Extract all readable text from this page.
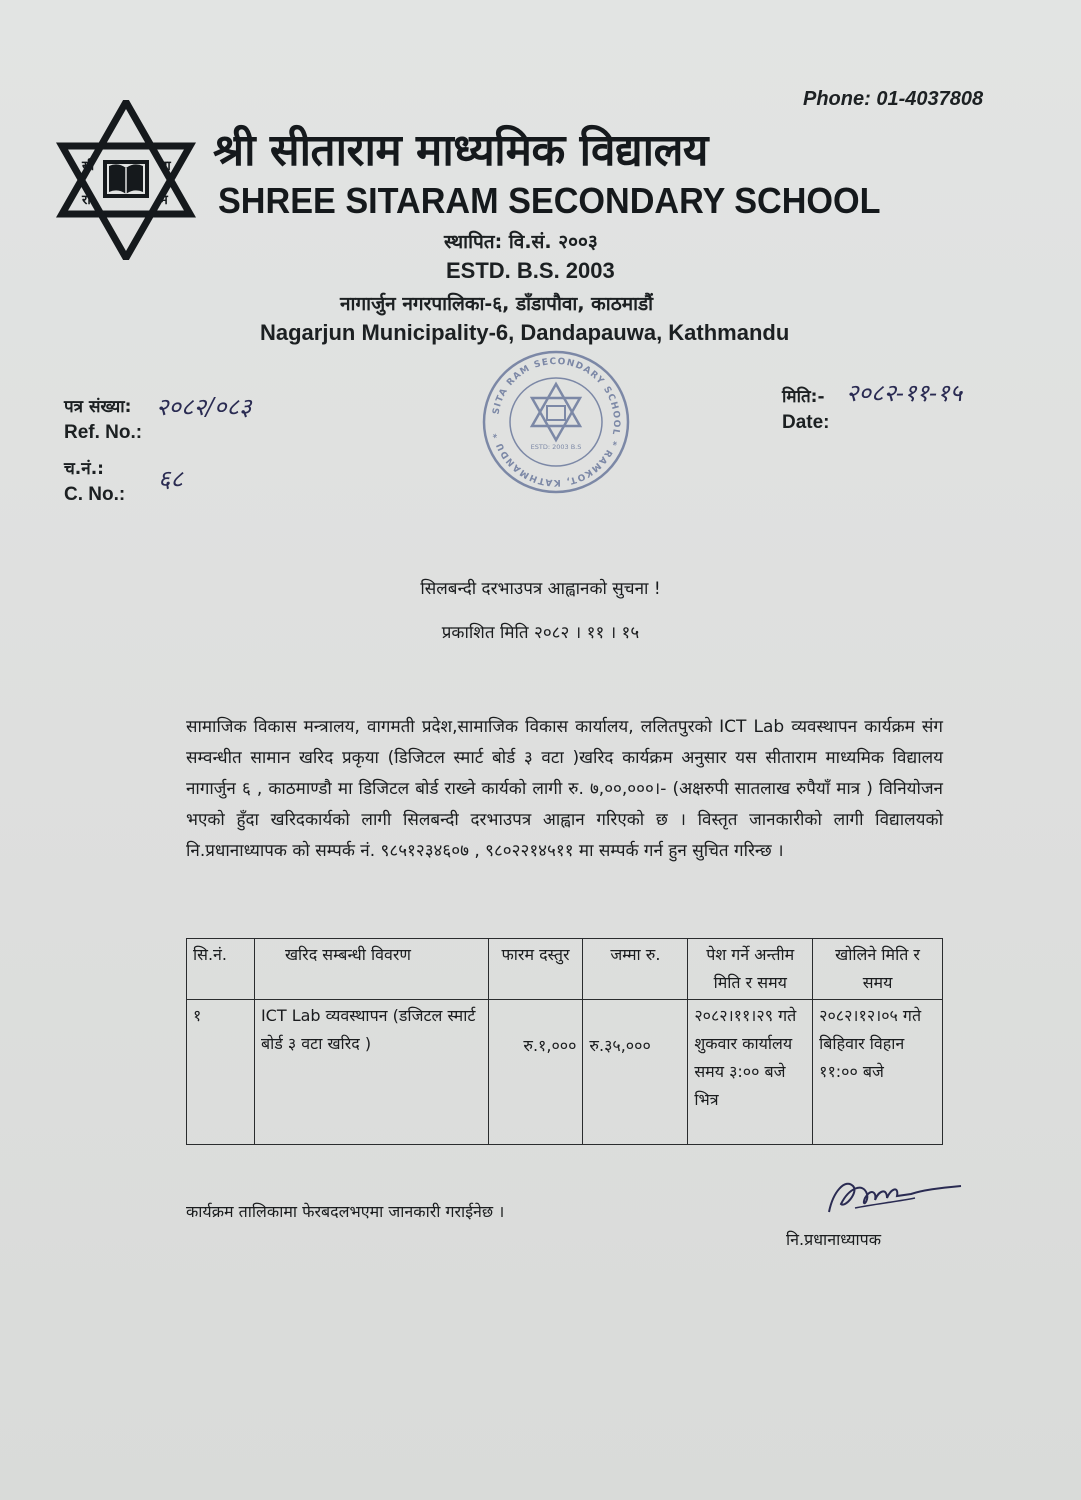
Phone: 01-4037808
सी	ता
रा	म
श्री सीताराम माध्यमिक विद्यालय
SHREE SITARAM SECONDARY SCHOOL
स्थापित: वि.सं. २००३
ESTD. B.S. 2003
नागार्जुन नगरपालिका-६, डाँडापौवा, काठमाडौं
Nagarjun Municipality-6, Dandapauwa, Kathmandu
SITA RAM SECONDARY SCHOOL * RAMKOT, KATHMANDU *
ESTD: 2003 B.S
पत्र संख्या: २०८२/०८३
Ref. No.:
च.नं.: ६८
C. No.:
मिति:- २०८२-११-१५
Date:
सिलबन्दी दरभाउपत्र आह्वानको सुचना !
प्रकाशित मिति २०८२ । ११ । १५
सामाजिक विकास मन्त्रालय, वागमती प्रदेश,सामाजिक विकास कार्यालय, ललितपुरको ICT Lab व्यवस्थापन कार्यक्रम संग सम्वन्धीत सामान खरिद प्रकृया (डिजिटल स्मार्ट बोर्ड ३ वटा )खरिद कार्यक्रम अनुसार यस सीताराम माध्यमिक विद्यालय नागार्जुन ६ , काठमाण्डौ मा डिजिटल बोर्ड राख्ने कार्यको लागी रु. ७,००,०००।- (अक्षरुपी सातलाख रुपैयाँ मात्र ) विनियोजन भएको हुँदा खरिदकार्यको लागी सिलबन्दी दरभाउपत्र आह्वान गरिएको छ । विस्तृत जानकारीको लागी विद्यालयको नि.प्रधानाध्यापक को सम्पर्क नं. ९८५१२३४६०७ , ९८०२२१४५११ मा सम्पर्क गर्न हुन सुचित गरिन्छ ।
सि.नं.	खरिद सम्बन्धी विवरण	फारम दस्तुर	जम्मा रु.	पेश गर्ने अन्तीम मिति र समय	खोलिने मिति र समय
१	ICT Lab व्यवस्थापन (डजिटल स्मार्ट बोर्ड ३ वटा खरिद )	रु.१,०००	रु.३५,०००	२०८२।११।२९ गते शुकवार कार्यालय समय ३:०० बजे भित्र	२०८२।१२।०५ गते बिहिवार विहान ११:०० बजे
कार्यक्रम तालिकामा फेरबदलभएमा जानकारी गराईनेछ ।
नि.प्रधानाध्यापक
